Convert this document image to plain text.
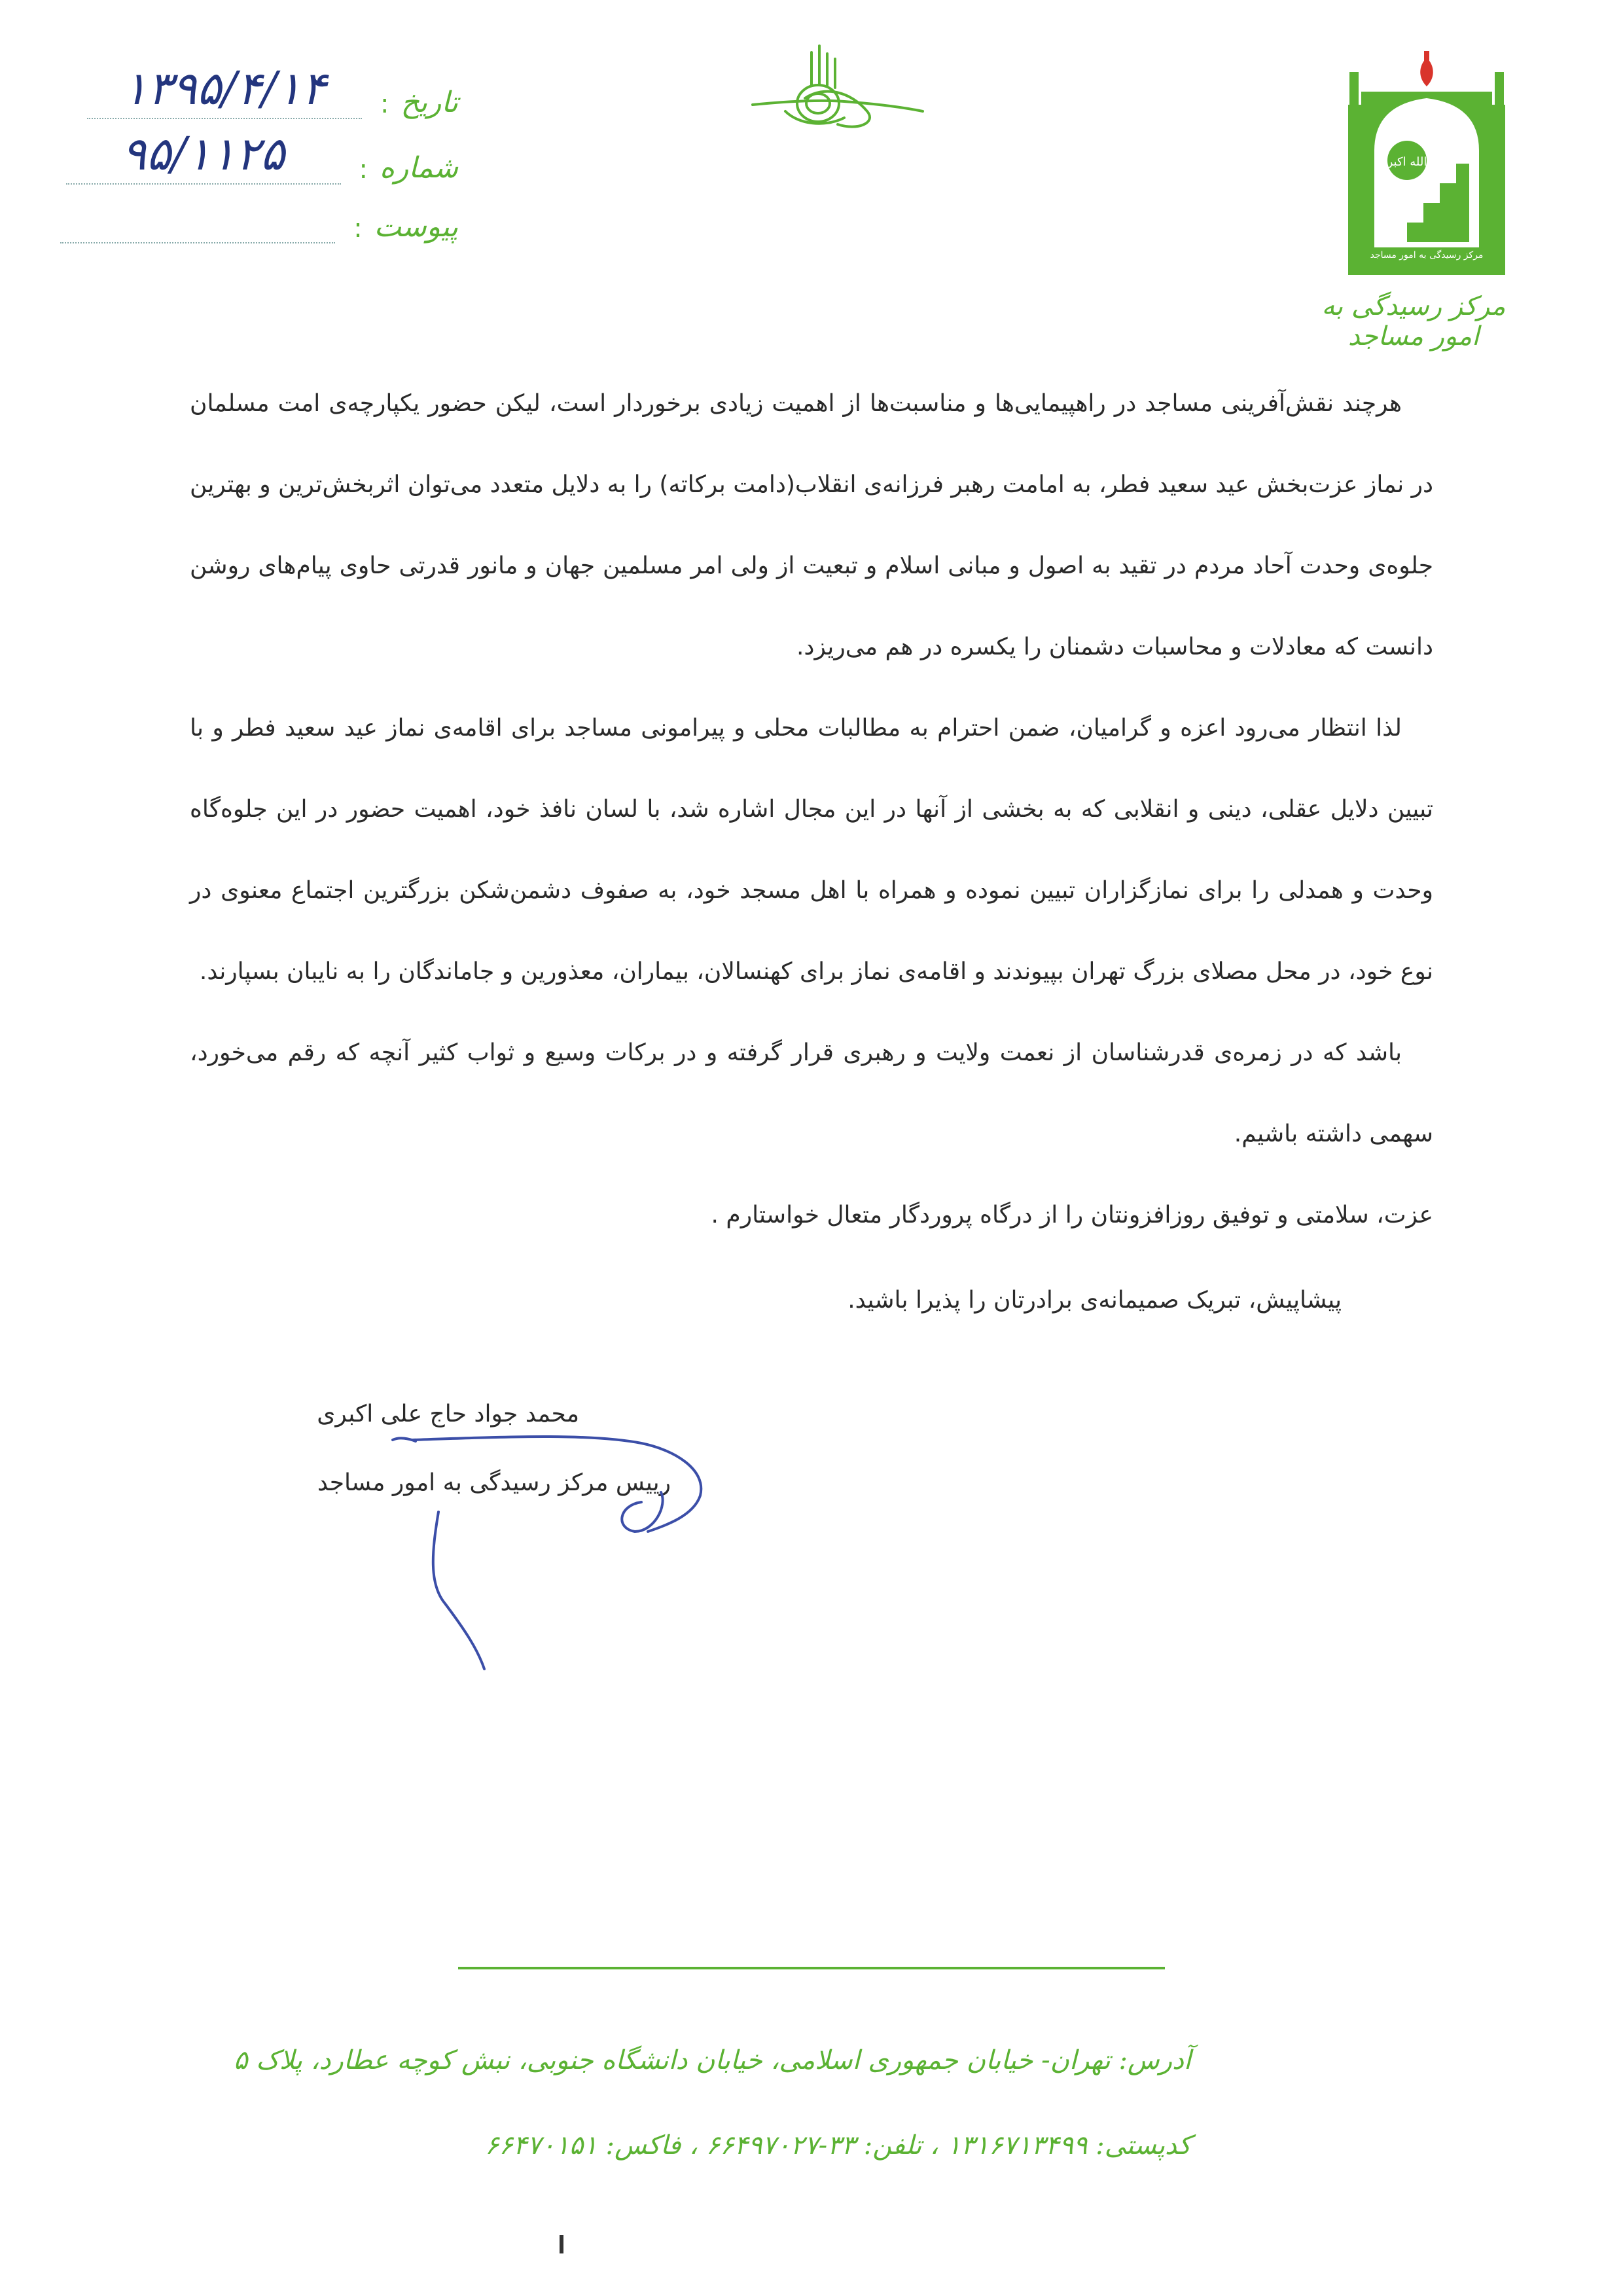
الله اکبر
مرکز رسیدگی به امور مساجد
مرکز رسیدگی به امور مساجد
تاریخ
:
۱۳۹۵/۴/۱۴
شماره
:
۹۵/۱۱۲۵
پیوست
:

هرچند نقش‌آفرینی مساجد در راهپیمایی‌ها و مناسبت‌ها از اهمیت زیادی برخوردار است، لیکن حضور یکپارچه‌ی امت مسلمان در نماز عزت‌بخش عید سعید فطر، به امامت رهبر فرزانه‌ی انقلاب(دامت برکاته) را به دلایل متعدد می‌توان اثربخش‌ترین و بهترین جلوه‌ی وحدت آحاد مردم در تقید به اصول و مبانی اسلام و تبعیت از ولی امر مسلمین جهان و مانور قدرتی حاوی پیام‌های روشن دانست که معادلات و محاسبات دشمنان را یکسره در هم می‌ریزد.

لذا انتظار می‌رود اعزه و گرامیان، ضمن احترام به مطالبات محلی و پیرامونی مساجد برای اقامه‌ی نماز عید سعید فطر و با تبیین دلایل عقلی، دینی و انقلابی که به بخشی از آنها در این مجال اشاره شد، با لسان نافذ خود، اهمیت حضور در این جلوه‌گاه وحدت و همدلی را برای نمازگزاران تبیین نموده و همراه با اهل مسجد خود، به صفوف دشمن‌شکن بزرگترین اجتماع معنوی در نوع خود، در محل مصلای بزرگ تهران بپیوندند و اقامه‌ی نماز برای کهنسالان، بیماران، معذورین و جاماندگان را به نایبان بسپارند.

باشد که در زمره‌ی قدرشناسان از نعمت ولایت و رهبری قرار گرفته و در برکات وسیع و ثواب کثیر آنچه که رقم می‌خورد، سهمی داشته باشیم.

عزت، سلامتی و توفیق روزافزونتان را از درگاه پروردگار متعال خواستارم .

پیشاپیش، تبریک صمیمانه‌ی برادرتان را پذیرا باشید.

محمد جواد حاج علی اکبری
رییس مرکز رسیدگی به امور مساجد
آدرس: تهران- خیابان جمهوری اسلامی، خیابان دانشگاه جنوبی، نبش کوچه عطارد، پلاک ۵
کدپستی: ۱۳۱۶۷۱۳۴۹۹ ، تلفن: ۳۳-۶۶۴۹۷۰۲۷ ، فاکس: ۶۶۴۷۰۱۵۱
